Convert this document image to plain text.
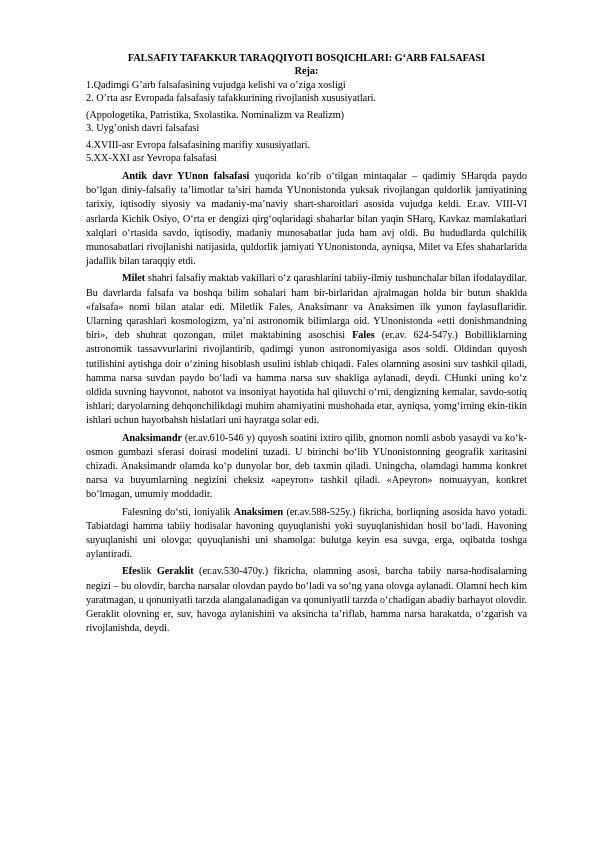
FALSAFIY TAFAKKUR TARAQQIYOTI BOSQICHLARI: G‘ARB FALSAFASI
Reja:
1.Qadimgi G’arb falsafasining vujudga kelishi va o’ziga xosligi
2. O’rta asr Evropada falsafasiy tafakkurining rivojlanish xususiyatlari.
(Appologetika, Patristika, Sxolastika. Nominalizm va Realizm)
3. Uyg’onish davri falsafasi
4.XVIII-asr Evropa falsafasining marifiy xususiyatlari.
5.XX-XXI asr Yevropa falsafasi

Antik davr YUnon falsafasi yuqorida ko‘rib o‘tilgan mintaqalar – qadimiy SHarqda paydo bo‘lgan diniy-falsafiy ta’limotlar ta’siri hamda YUnonistonda yuksak rivojlangan quldorlik jamiyatining tarixiy, iqtisodiy siyosiy va madaniy-ma’naviy shart-sharoitlari asosida vujudga keldi. Er.av. VIII-VI asrlarda Kichik Osiyo, O‘rta er dengizi qirg‘oqlaridagi shaharlar bilan yaqin SHarq, Kavkaz mamlakatlari xalqlari o‘rtasida savdo, iqtisodiy, madaniy munosabatlar juda ham avj oldi. Bu hududlarda qulchilik munosabatlari rivojlanishi natijasida, quldorlik jamiyati YUnonistonda, ayniqsa, Milet va Efes shaharlarida jadallik bilan taraqqiy etdi.

Milet shahri falsafiy maktab vakillari o‘z qarashlarini tabiiy-ilmiy tushunchalar bilan ifodalaydilar. Bu davrlarda falsafa va boshqa bilim sohalari ham bir-birlaridan ajralmagan holda bir butun shaklda «falsafa» nomi bilan atalar edi. Miletlik Fales, Anaksimanr va Anaksimen ilk yunon faylasuflaridir. Ularning qarashlari kosmologizm, ya’ni astronomik bilimlarga oid. YUnonistonda «etti donishmandning biri», deb shuhrat qozongan, milet maktabining asoschisi Fales (er.av. 624-547y.) Bobilliklarning astronomik tassavvurlarini rivojlantirib, qadimgi yunon astronomiyasiga asos soldi. Oldindan quyosh tutilishini aytishga doir o‘zining hisoblash usulini ishlab chiqadi. Fales olamning asosini suv tashkil qiladi, hamma narsa suvdan paydo bo‘ladi va hamma narsa suv shakliga aylanadi, deydi. CHunki uning ko‘z oldida suvning hayvonot, nabotot va insoniyat hayotida hal qiluvchi o‘rni, dengizning kemalar, savdo-sotiq ishlari; daryolarning dehqonchilikdagi muhim ahamiyatini mushohada etar, ayniqsa, yomg‘irning ekin-tikin ishlari uchun hayotbahsh hislatlari uni hayratga solar edi.

Anaksimandr (er.av.610-546 y) quyosh soatini ixtiro qilib, gnomon nomli asbob yasaydi va ko‘k-osmon gumbazi sferasi doirasi modelini tuzadi. U birinchi bo‘lib YUnonistonning geografik xaritasini chizadi. Anaksimandr olamda ko‘p dunyolar bor, deb taxmin qiladi. Uningcha, olamdagi hamma konkret narsa va buyumlarning negizini cheksiz «apeyron» tashkil qiladi. «Apeyron» nomuayyan, konkret bo‘lmagan, umumiy moddadir.

Falesning do‘sti, ioniyalik Anaksimen (er.av.588-525y.) fikricha, borliqning asosida havo yotadi. Tabiatdagi hamma tabiiy hodisalar havoning quyuqlanishi yoki suyuqlanishidan hosil bo‘ladi. Havoning suyuqlanishi uni olovga; quyuqlanishi uni shamolga: bulutga keyin esa suvga, erga, oqibatda toshga aylantiradi.

Efeslik Geraklit (er.av.530-470y.) fikricha, olamning asosi, barcha tabiiy narsa-hodisalarning negizi – bu olovdir, barcha narsalar olovdan paydo bo‘ladi va so‘ng yana olovga aylanadi. Olamni hech kim yaratmagan, u qonuniyatli tarzda alangalanadigan va qonuniyatli tarzda o‘chadigan abadiy barhayot olovdir. Geraklit olovning er, suv, havoga aylanishini va aksincha ta’riflab, hamma narsa harakatda, o‘zgarish va rivojlanishda, deydi.
